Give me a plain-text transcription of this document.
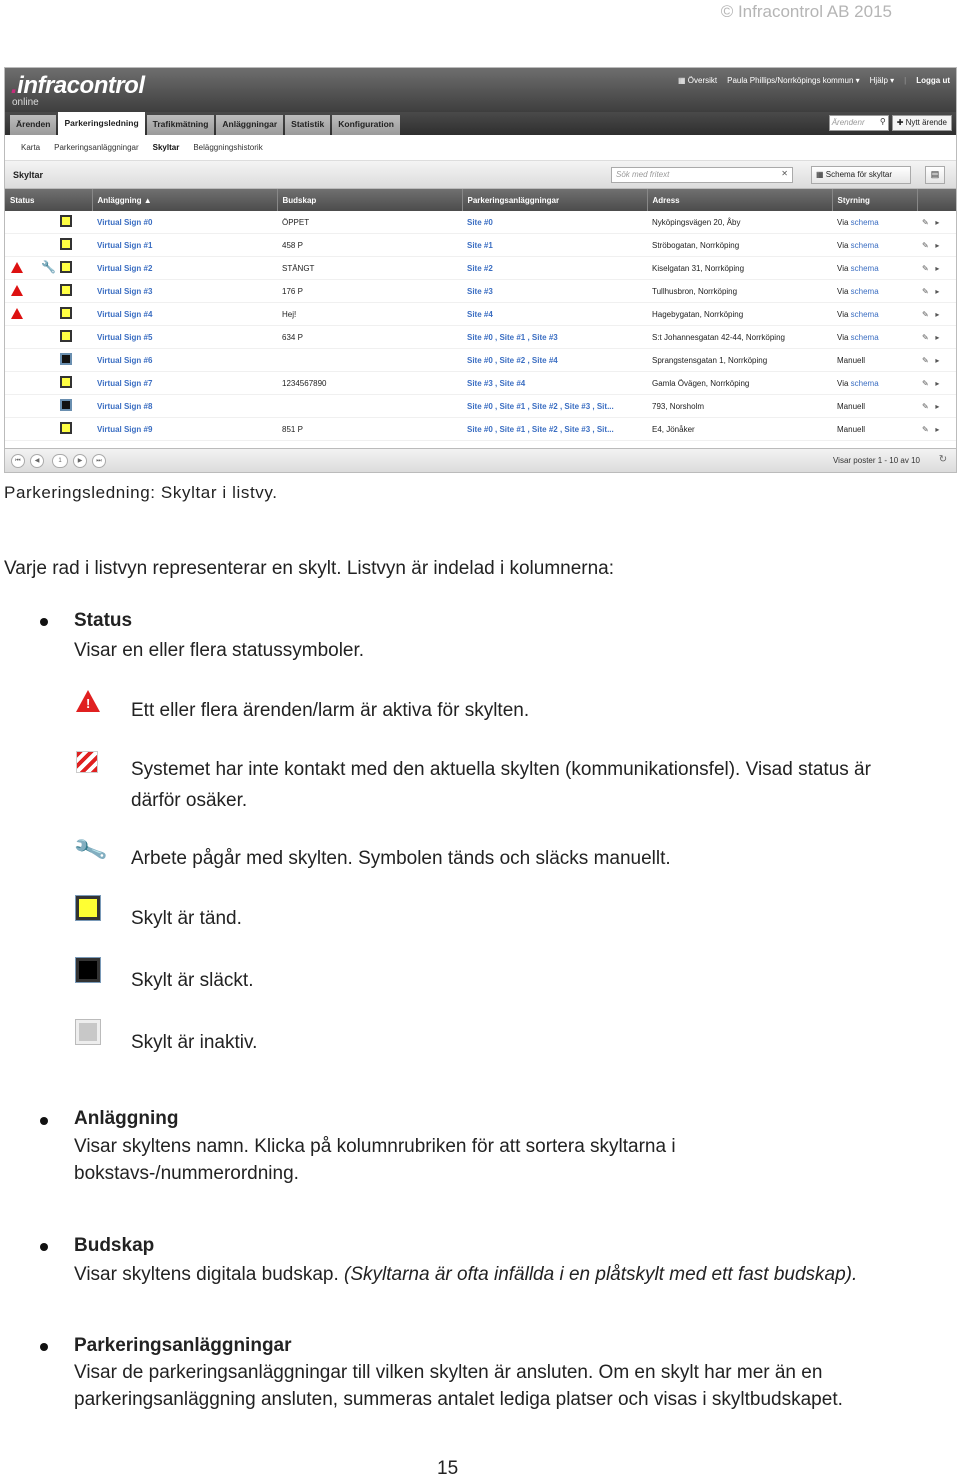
© Infracontrol AB 2015
.infracontrol
online
▦ Översikt Paula Phillips/Norrköpings kommun ▾ Hjälp ▾ | Logga ut
Ärenden	Parkeringsledning	Trafikmätning	Anläggningar	Statistik	Konfiguration	Ärendenr ⚲	✚ Nytt ärende
Karta Parkeringsanläggningar Skyltar Beläggningshistorik
Skyltar	Sök med fritext	✕	▦ Schema för skyltar	▤
Status	Anläggning ▲	Budskap	Parkeringsanläggningar	Adress	Styrning	

	Virtual Sign #0	ÖPPET	Site #0	Nyköpingsvägen 20, Åby	Via schema	✎ ▸

	Virtual Sign #1	458 P	Site #1	Ströbogatan, Norrköping	Via schema	✎ ▸

🔧	Virtual Sign #2	STÄNGT	Site #2	Kiselgatan 31, Norrköping	Via schema	✎ ▸

	Virtual Sign #3	176 P	Site #3	Tullhusbron, Norrköping	Via schema	✎ ▸

	Virtual Sign #4	Hej!	Site #4	Hagebygatan, Norrköping	Via schema	✎ ▸

	Virtual Sign #5	634 P	Site #0 , Site #1 , Site #3	S:t Johannesgatan 42-44, Norrköping	Via schema	✎ ▸

	Virtual Sign #6		Site #0 , Site #2 , Site #4	Sprangstensgatan 1, Norrköping	Manuell	✎ ▸

	Virtual Sign #7	1234567890	Site #3 , Site #4	Gamla Övägen, Norrköping	Via schema	✎ ▸

	Virtual Sign #8		Site #0 , Site #1 , Site #2 , Site #3 , Sit...	793, Norsholm	Manuell	✎ ▸

	Virtual Sign #9	851 P	Site #0 , Site #1 , Site #2 , Site #3 , Sit...	E4, Jönåker	Manuell	✎ ▸
⏮	◀	1	▶	⏭	Visar poster 1 - 10 av 10 ↻
Parkeringsledning: Skyltar i listvy.
Varje rad i listvyn representerar en skylt. Listvyn är indelad i kolumnerna:
Status
Visar en eller flera statussymboler.
!
Ett eller flera ärenden/larm är aktiva för skylten.
Systemet har inte kontakt med den aktuella skylten (kommunikationsfel). Visad status är därför osäker.
🔧 Arbete pågår med skylten. Symbolen tänds och släcks manuellt.
Skylt är tänd.
Skylt är släckt.
Skylt är inaktiv.
Anläggning
Visar skyltens namn. Klicka på kolumnrubriken för att sortera skyltarna i bokstavs-/nummerordning.
Budskap
Visar skyltens digitala budskap. (Skyltarna är ofta infällda i en plåtskylt med ett fast budskap).
Parkeringsanläggningar
Visar de parkeringsanläggningar till vilken skylten är ansluten. Om en skylt har mer än en parkeringsanläggning ansluten, summeras antalet lediga platser och visas i skyltbudskapet.
15
